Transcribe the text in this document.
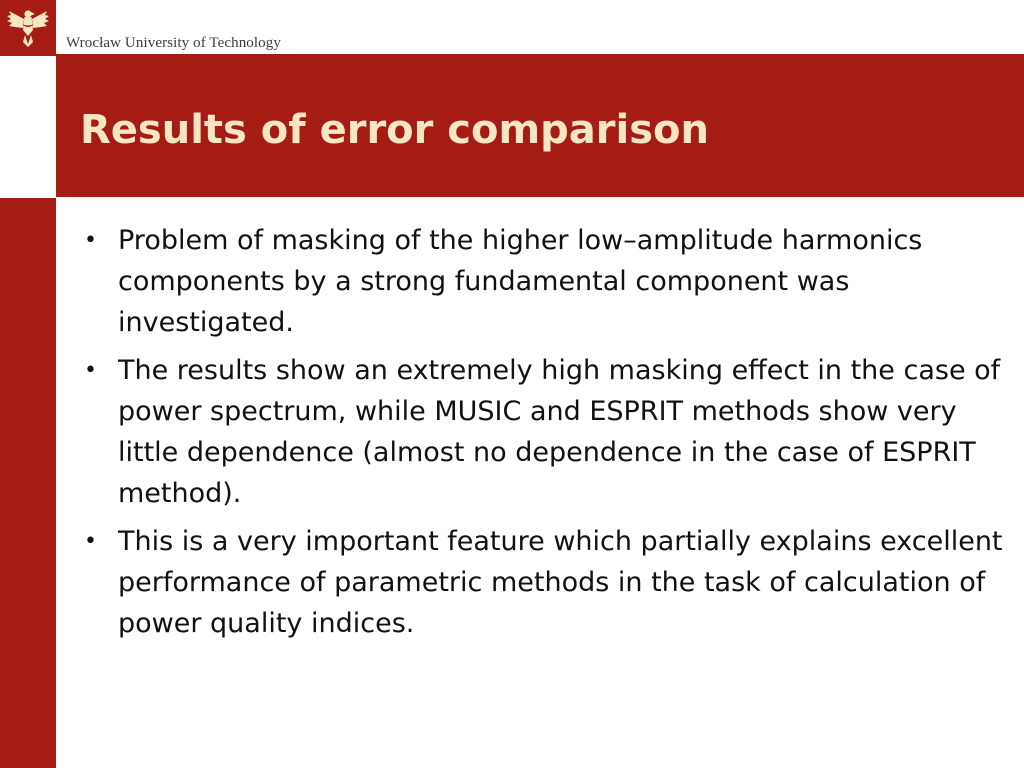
Wrocław University of Technology
Results of error comparison
• Problem of masking of the higher low–amplitude harmonics components by a strong fundamental component was investigated.
• The results show an extremely high masking effect in the case of power spectrum, while MUSIC and ESPRIT methods show very little dependence (almost no dependence in the case of ESPRIT method).
• This is a very important feature which partially explains excellent performance of parametric methods in the task of calculation of power quality indices.
